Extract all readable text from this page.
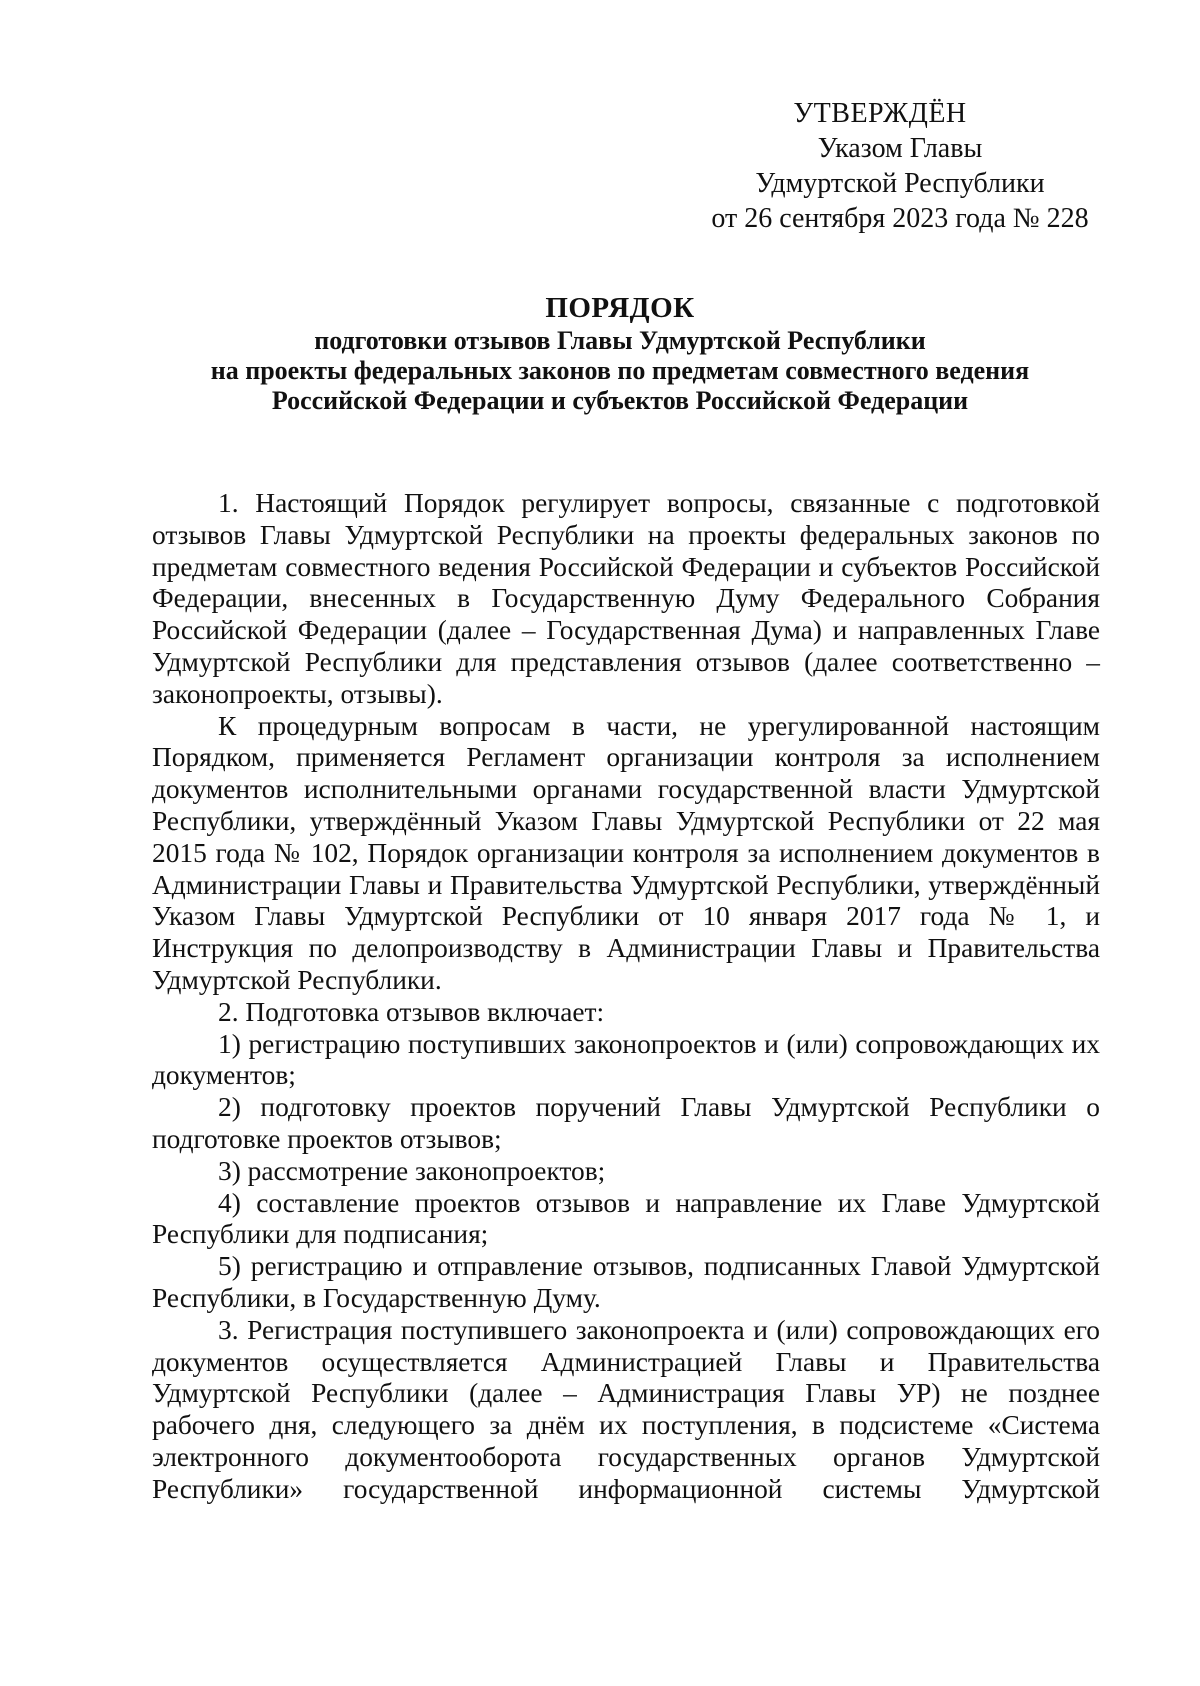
УТВЕРЖДЁН
Указом Главы
Удмуртской Республики
от 26 сентября 2023 года № 228
ПОРЯДОК
подготовки отзывов Главы Удмуртской Республики
на проекты федеральных законов по предметам совместного ведения
Российской Федерации и субъектов Российской Федерации

1. Настоящий Порядок регулирует вопросы, связанные с подготовкой отзывов Главы Удмуртской Республики на проекты федеральных законов по предметам совместного ведения Российской Федерации и субъектов Российской Федерации, внесенных в Государственную Думу Федерального Собрания Российской Федерации (далее – Государственная Дума) и направленных Главе Удмуртской Республики для представления отзывов (далее соответственно – законопроекты, отзывы).

К процедурным вопросам в части, не урегулированной настоящим Порядком, применяется Регламент организации контроля за исполнением документов исполнительными органами государственной власти Удмуртской Республики, утверждённый Указом Главы Удмуртской Республики от 22 мая 2015 года № 102, Порядок организации контроля за исполнением документов в Администрации Главы и Правительства Удмуртской Республики, утверждённый Указом Главы Удмуртской Республики от 10 января 2017 года № 1, и Инструкция по делопроизводству в Администрации Главы и Правительства Удмуртской Республики.

2. Подготовка отзывов включает:

1) регистрацию поступивших законопроектов и (или) сопровождающих их документов;

2) подготовку проектов поручений Главы Удмуртской Республики о подготовке проектов отзывов;

3) рассмотрение законопроектов;

4) составление проектов отзывов и направление их Главе Удмуртской Республики для подписания;

5) регистрацию и отправление отзывов, подписанных Главой Удмуртской Республики, в Государственную Думу.

3. Регистрация поступившего законопроекта и (или) сопровождающих его документов осуществляется Администрацией Главы и Правительства Удмуртской Республики (далее – Администрация Главы УР) не позднее рабочего дня, следующего за днём их поступления, в подсистеме «Система электронного документооборота государственных органов Удмуртской Республики» государственной информационной системы Удмуртской
